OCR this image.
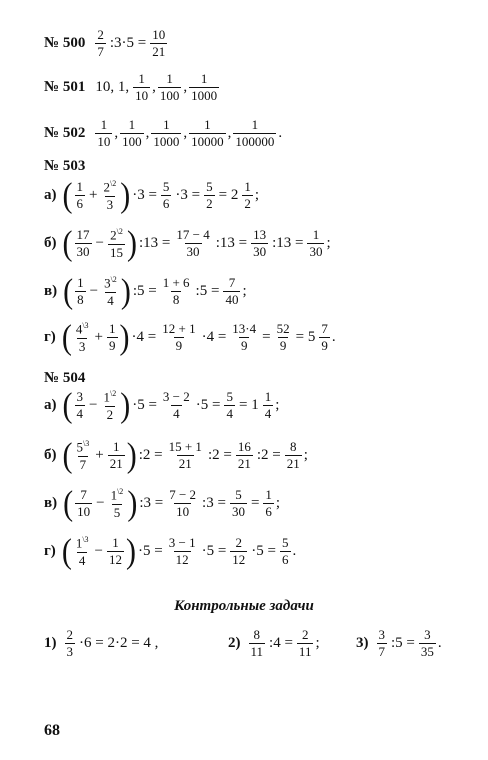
№ $500 \frac{2}{7}$ :3·5 = $\frac{10}{21}$
№ 501 10, 1, $\frac{1}{10}$ , $\frac{1}{100}$ , $\frac{1}{1000}$
№ $502 \frac{1}{10}$ , $\frac{1}{100}$ , $\frac{1}{1000}$ , $\frac{1}{10000}$ , $\frac{1}{100000}$ .
№ 503
а) ( $\frac{1}{6} + \frac{2^{\backslash 2}}{3}$ ) $\cdot 3 = \frac{5}{6} \cdot 3 = \frac{5}{2} = 2 \frac{1}{2}$ ;
б) ( $\frac{17}{30} - \frac{2^{\backslash 2}}{15}$ ) :13 = $\frac{17 - 4}{30}$ :13 = $\frac{13}{30}$ :13 = $\frac{1}{30}$ ;
в) ( $\frac{1}{8} - \frac{3^{\backslash 2}}{4}$ ) :5 = $\frac{1 + 6}{8}$ :5 = $\frac{7}{40}$ ;
г) ( $\frac{4^{\backslash 3}}{3} + \frac{1}{9}$ ) $\cdot 4 = \frac{12 + 1}{9} \cdot 4 = \frac{13\cdot 4}{9} = \frac{52}{9} = 5 \frac{7}{9}$ .
№ 504
а) ( $\frac{3}{4} - \frac{1^{\backslash 2}}{2}$ ) $\cdot 5 = \frac{3 - 2}{4} \cdot 5 = \frac{5}{4} = 1 \frac{1}{4}$ ;
б) ( $\frac{5^{\backslash 3}}{7} + \frac{1}{21}$ ) :2 = $\frac{15 + 1}{21}$ :2 = $\frac{16}{21}$ :2 = $\frac{8}{21}$ ;
в) ( $\frac{7}{10} - \frac{1^{\backslash 2}}{5}$ ) :3 = $\frac{7 - 2}{10}$ :3 = $\frac{5}{30} = \frac{1}{6}$ ;
г) ( $\frac{1^{\backslash 3}}{4} - \frac{1}{12}$ ) $\cdot 5 = \frac{3 - 1}{12} \cdot 5 = \frac{2}{12} \cdot 5 = \frac{5}{6}$ .
Контрольные задачи
$1) \frac{2}{3} \cdot 6 = 2\cdot 2 = 4$ ,	$2) \frac{8}{11}$ :4 = $\frac{2}{11}$ ; $3) \frac{3}{7}$ :5 = $\frac{3}{35}$ .
68
